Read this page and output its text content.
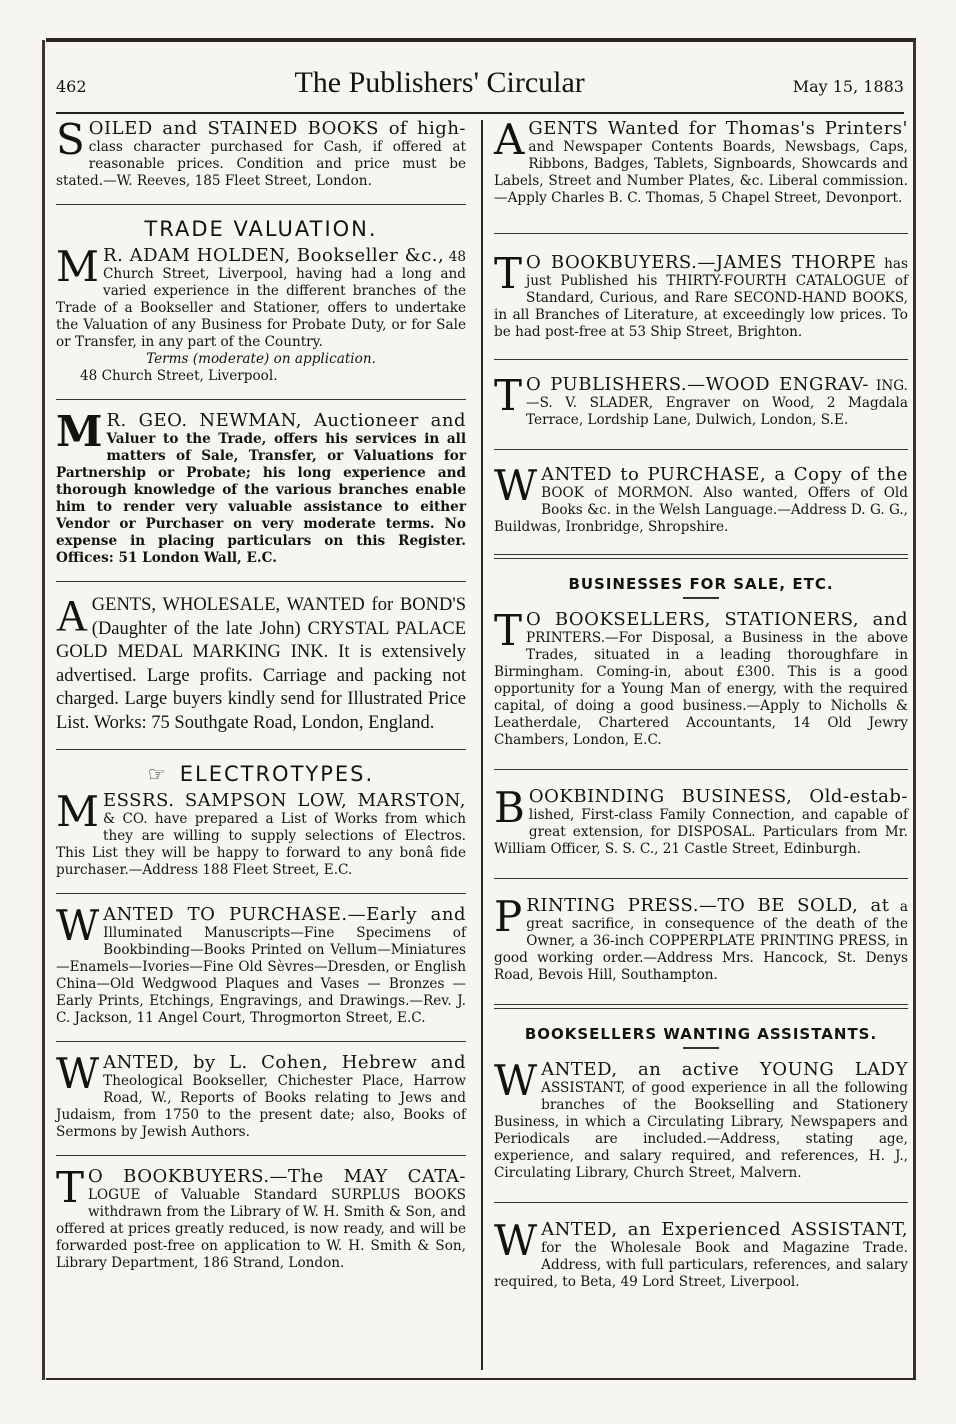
462	The Publishers' Circular	May 15, 1883
S OILED and STAINED BOOKS of high- class character purchased for Cash, if offered at reasonable prices. Condition and price must be stated.—W. Reeves, 185 Fleet Street, London.
TRADE VALUATION.
M R. ADAM HOLDEN, Bookseller &c., 48 Church Street, Liverpool, having had a long and varied experience in the different branches of the Trade of a Bookseller and Stationer, offers to undertake the Valuation of any Business for Probate Duty, or for Sale or Transfer, in any part of the Country.

Terms (moderate) on application.

48 Church Street, Liverpool.

M R. GEO. NEWMAN, Auctioneer and Valuer to the Trade, offers his services in all matters of Sale, Transfer, or Valuations for Partnership or Probate; his long experience and thorough knowledge of the various branches enable him to render very valuable assistance to either Vendor or Purchaser on very moderate terms. No expense in placing particulars on this Register. Offices: 51 London Wall, E.C.
A GENTS, WHOLESALE, WANTED for BOND'S (Daughter of the late John) CRYSTAL PALACE GOLD MEDAL MARKING INK. It is extensively advertised. Large profits. Carriage and packing not charged. Large buyers kindly send for Illustrated Price List. Works: 75 Southgate Road, London, England.
☞ ELECTROTYPES.
M ESSRS. SAMPSON LOW, MARSTON, & CO. have prepared a List of Works from which they are willing to supply selections of Electros. This List they will be happy to forward to any bonâ fide purchaser.—Address 188 Fleet Street, E.C.
W ANTED TO PURCHASE.—Early and Illuminated Manuscripts—Fine Specimens of Bookbinding—Books Printed on Vellum—Miniatures—Enamels—Ivories—Fine Old Sèvres—Dresden, or English China—Old Wedgwood Plaques and Vases — Bronzes — Early Prints, Etchings, Engravings, and Drawings.—Rev. J. C. Jackson, 11 Angel Court, Throgmorton Street, E.C.
W ANTED, by L. Cohen, Hebrew and Theological Bookseller, Chichester Place, Harrow Road, W., Reports of Books relating to Jews and Judaism, from 1750 to the present date; also, Books of Sermons by Jewish Authors.
T O BOOKBUYERS.—The MAY CATA- LOGUE of Valuable Standard SURPLUS BOOKS withdrawn from the Library of W. H. Smith & Son, and offered at prices greatly reduced, is now ready, and will be forwarded post-free on application to W. H. Smith & Son, Library Department, 186 Strand, London.
A GENTS Wanted for Thomas's Printers' and Newspaper Contents Boards, Newsbags, Caps, Ribbons, Badges, Tablets, Signboards, Showcards and Labels, Street and Number Plates, &c. Liberal commission.—Apply Charles B. C. Thomas, 5 Chapel Street, Devonport.
T O BOOKBUYERS.—JAMES THORPE has just Published his THIRTY-FOURTH CATALOGUE of Standard, Curious, and Rare SECOND-HAND BOOKS, in all Branches of Literature, at exceedingly low prices. To be had post-free at 53 Ship Street, Brighton.
T O PUBLISHERS.—WOOD ENGRAV- ING.—S. V. SLADER, Engraver on Wood, 2 Magdala Terrace, Lordship Lane, Dulwich, London, S.E.
W ANTED to PURCHASE, a Copy of the BOOK of MORMON. Also wanted, Offers of Old Books &c. in the Welsh Language.—Address D. G. G., Buildwas, Ironbridge, Shropshire.
BUSINESSES FOR SALE, ETC.
T O BOOKSELLERS, STATIONERS, and PRINTERS.—For Disposal, a Business in the above Trades, situated in a leading thoroughfare in Birmingham. Coming-in, about £300. This is a good opportunity for a Young Man of energy, with the required capital, of doing a good business.—Apply to Nicholls & Leatherdale, Chartered Accountants, 14 Old Jewry Chambers, London, E.C.
B OOKBINDING BUSINESS, Old-estab- lished, First-class Family Connection, and capable of great extension, for DISPOSAL. Particulars from Mr. William Officer, S. S. C., 21 Castle Street, Edinburgh.
P RINTING PRESS.—TO BE SOLD, at a great sacrifice, in consequence of the death of the Owner, a 36-inch COPPERPLATE PRINTING PRESS, in good working order.—Address Mrs. Hancock, St. Denys Road, Bevois Hill, Southampton.
BOOKSELLERS WANTING ASSISTANTS.
W ANTED, an active YOUNG LADY ASSISTANT, of good experience in all the following branches of the Bookselling and Stationery Business, in which a Circulating Library, Newspapers and Periodicals are included.—Address, stating age, experience, and salary required, and references, H. J., Circulating Library, Church Street, Malvern.
W ANTED, an Experienced ASSISTANT, for the Wholesale Book and Magazine Trade. Address, with full particulars, references, and salary required, to Beta, 49 Lord Street, Liverpool.
